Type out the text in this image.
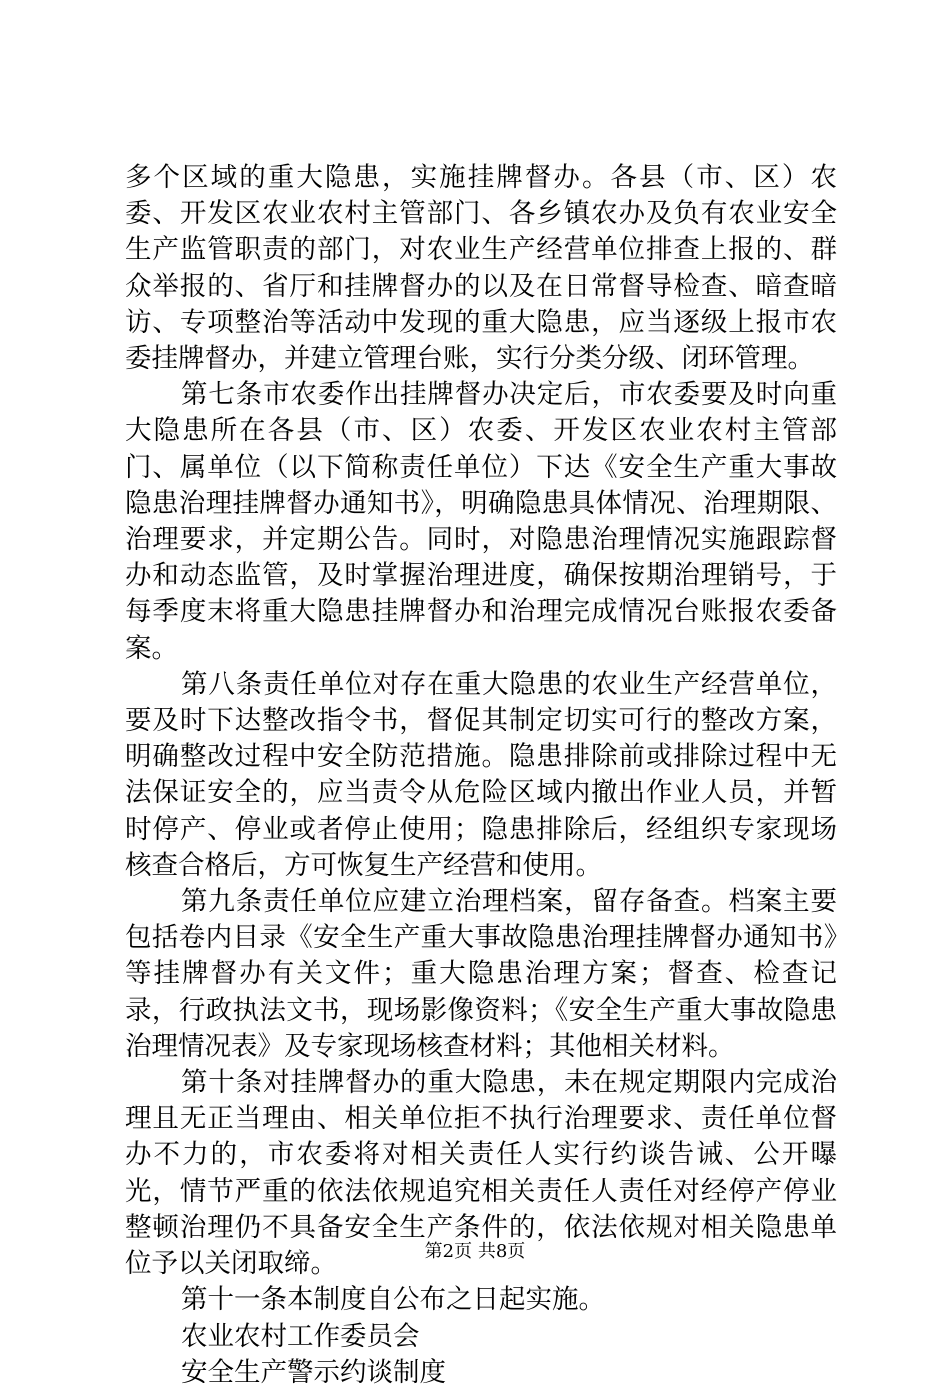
多个区域的重大隐患，实施挂牌督办。各县（市、区）农委、开发区农业农村主管部门、各乡镇农办及负有农业安全生产监管职责的部门，对农业生产经营单位排查上报的、群众举报的、省厅和挂牌督办的以及在日常督导检查、暗查暗访、专项整治等活动中发现的重大隐患，应当逐级上报市农委挂牌督办，并建立管理台账，实行分类分级、闭环管理。

第七条市农委作出挂牌督办决定后，市农委要及时向重大隐患所在各县（市、区）农委、开发区农业农村主管部门、属单位（以下简称责任单位）下达《安全生产重大事故隐患治理挂牌督办通知书》，明确隐患具体情况、治理期限、治理要求，并定期公告。同时，对隐患治理情况实施跟踪督办和动态监管，及时掌握治理进度，确保按期治理销号，于每季度末将重大隐患挂牌督办和治理完成情况台账报农委备案。

第八条责任单位对存在重大隐患的农业生产经营单位，要及时下达整改指令书，督促其制定切实可行的整改方案，明确整改过程中安全防范措施。隐患排除前或排除过程中无法保证安全的，应当责令从危险区域内撤出作业人员，并暂时停产、停业或者停止使用；隐患排除后，经组织专家现场核查合格后，方可恢复生产经营和使用。

第九条责任单位应建立治理档案，留存备查。档案主要包括卷内目录《安全生产重大事故隐患治理挂牌督办通知书》等挂牌督办有关文件；重大隐患治理方案；督查、检查记录，行政执法文书，现场影像资料；《安全生产重大事故隐患治理情况表》及专家现场核查材料；其他相关材料。

第十条对挂牌督办的重大隐患，未在规定期限内完成治理且无正当理由、相关单位拒不执行治理要求、责任单位督办不力的，市农委将对相关责任人实行约谈告诫、公开曝光，情节严重的依法依规追究相关责任人责任对经停产停业整顿治理仍不具备安全生产条件的，依法依规对相关隐患单位予以关闭取缔。

第十一条本制度自公布之日起实施。

农业农村工作委员会

安全生产警示约谈制度

第2页 共8页
